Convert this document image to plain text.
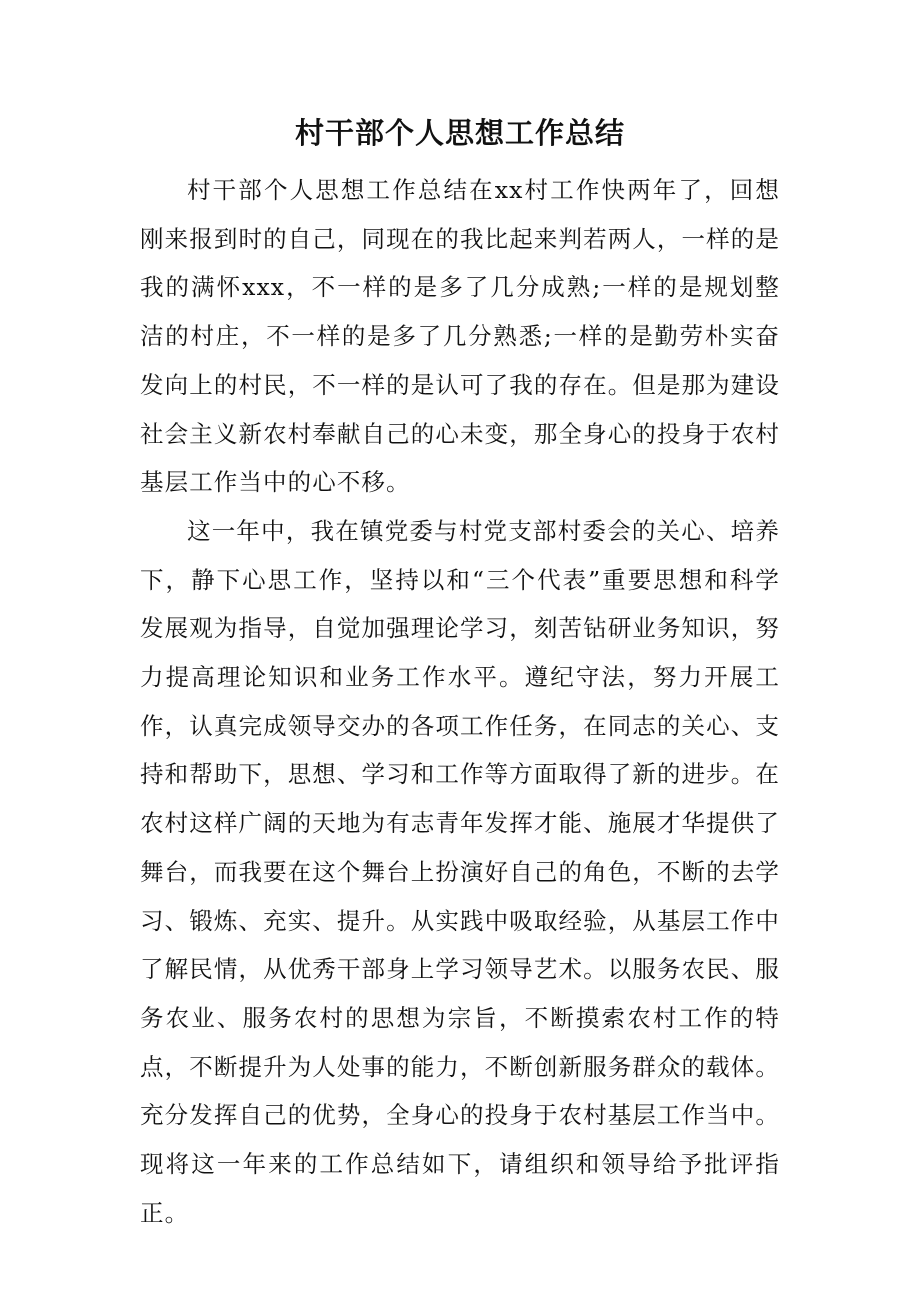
村干部个人思想工作总结

村干部个人思想工作总结在xx村工作快两年了，回想刚来报到时的自己，同现在的我比起来判若两人，一样的是我的满怀xxx，不一样的是多了几分成熟;一样的是规划整洁的村庄，不一样的是多了几分熟悉;一样的是勤劳朴实奋发向上的村民，不一样的是认可了我的存在。但是那为建设社会主义新农村奉献自己的心未变，那全身心的投身于农村基层工作当中的心不移。

这一年中，我在镇党委与村党支部村委会的关心、培养下，静下心思工作，坚持以和“三个代表”重要思想和科学发展观为指导，自觉加强理论学习，刻苦钻研业务知识，努力提高理论知识和业务工作水平。遵纪守法，努力开展工作，认真完成领导交办的各项工作任务，在同志的关心、支持和帮助下，思想、学习和工作等方面取得了新的进步。在农村这样广阔的天地为有志青年发挥才能、施展才华提供了舞台，而我要在这个舞台上扮演好自己的角色，不断的去学习、锻炼、充实、提升。从实践中吸取经验，从基层工作中了解民情，从优秀干部身上学习领导艺术。以服务农民、服务农业、服务农村的思想为宗旨，不断摸索农村工作的特点，不断提升为人处事的能力，不断创新服务群众的载体。充分发挥自己的优势，全身心的投身于农村基层工作当中。现将这一年来的工作总结如下，请组织和领导给予批评指正。
